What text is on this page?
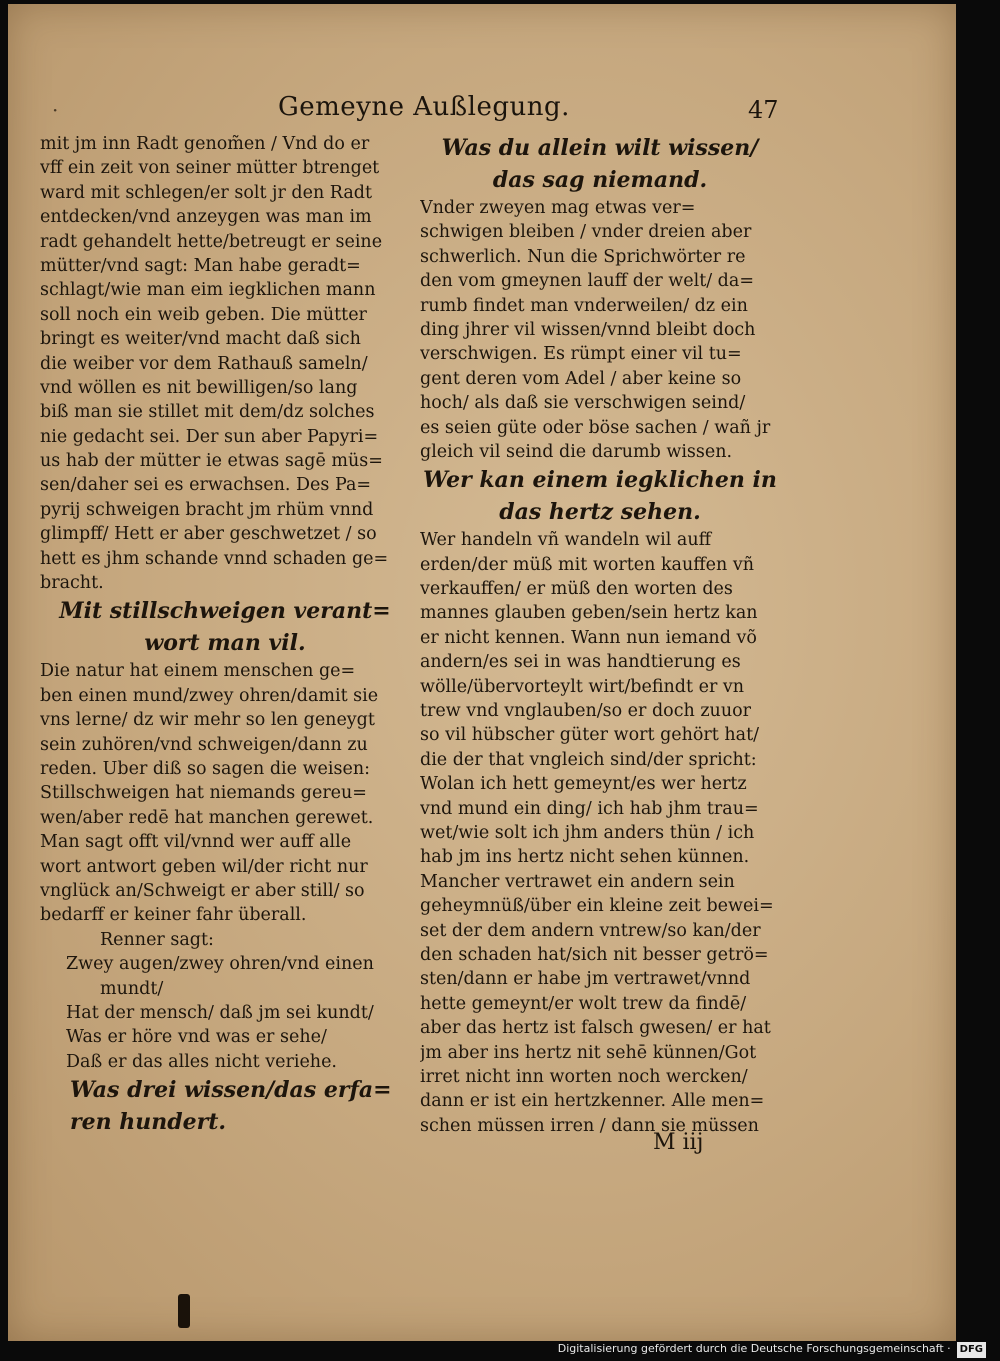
·	Gemeyne Außlegung.	47
mit jm inn Radt genom̃en / Vnd do er
vff ein zeit von seiner mütter btrenget
ward mit schlegen/er solt jr den Radt
entdecken/vnd anzeygen was man im
radt gehandelt hette/betreugt er seine
mütter/vnd sagt: Man habe geradt=
schlagt/wie man eim iegklichen mann
soll noch ein weib geben. Die mütter
bringt es weiter/vnd macht daß sich
die weiber vor dem Rathauß sameln/
vnd wöllen es nit bewilligen/so lang
biß man sie stillet mit dem/dz solches
nie gedacht sei. Der sun aber Papyri=
us hab der mütter ie etwas sagē müs=
sen/daher sei es erwachsen. Des Pa=
pyrij schweigen bracht jm rhüm vnnd
glimpff/ Hett er aber geschwetzet / so
hett es jhm schande vnnd schaden ge=
bracht.
Mit stillschweigen verant=
wort man vil.
Die natur hat einem menschen ge=
ben einen mund/zwey ohren/damit sie
vns lerne/ dz wir mehr so len geneygt
sein zuhören/vnd schweigen/dann zu
reden. Uber diß so sagen die weisen:
Stillschweigen hat niemands gereu=
wen/aber redē hat manchen gerewet.
Man sagt offt vil/vnnd wer auff alle
wort antwort geben wil/der richt nur
vnglück an/Schweigt er aber still/ so
bedarff er keiner fahr überall.
Renner sagt:
Zwey augen/zwey ohren/vnd einen
mundt/
Hat der mensch/ daß jm sei kundt/
Was er höre vnd was er sehe/
Daß er das alles nicht veriehe.
Was drei wissen/das erfa=
ren hundert.
Was du allein wilt wissen/
das sag niemand.
Vnder zweyen mag etwas ver=
schwigen bleiben / vnder dreien aber
schwerlich. Nun die Sprichwörter re
den vom gmeynen lauff der welt/ da=
rumb findet man vnderweilen/ dz ein
ding jhrer vil wissen/vnnd bleibt doch
verschwigen. Es rümpt einer vil tu=
gent deren vom Adel / aber keine so
hoch/ als daß sie verschwigen seind/
es seien güte oder böse sachen / wañ jr
gleich vil seind die darumb wissen.
Wer kan einem iegklichen in
das hertz sehen.
Wer handeln vñ wandeln wil auff
erden/der müß mit worten kauffen vñ
verkauffen/ er müß den worten des
mannes glauben geben/sein hertz kan
er nicht kennen. Wann nun iemand võ
andern/es sei in was handtierung es
wölle/übervorteylt wirt/befindt er vn
trew vnd vnglauben/so er doch zuuor
so vil hübscher güter wort gehört hat/
die der that vngleich sind/der spricht:
Wolan ich hett gemeynt/es wer hertz
vnd mund ein ding/ ich hab jhm trau=
wet/wie solt ich jhm anders thün / ich
hab jm ins hertz nicht sehen künnen.
Mancher vertrawet ein andern sein
geheymnüß/über ein kleine zeit bewei=
set der dem andern vntrew/so kan/der
den schaden hat/sich nit besser getrö=
sten/dann er habe jm vertrawet/vnnd
hette gemeynt/er wolt trew da findē/
aber das hertz ist falsch gwesen/ er hat
jm aber ins hertz nit sehē künnen/Got
irret nicht inn worten noch wercken/
dann er ist ein hertzkenner. Alle men=
schen müssen irren / dann sie müssen
M iij
Digitalisierung gefördert durch die Deutsche Forschungsgemeinschaft · DFG
